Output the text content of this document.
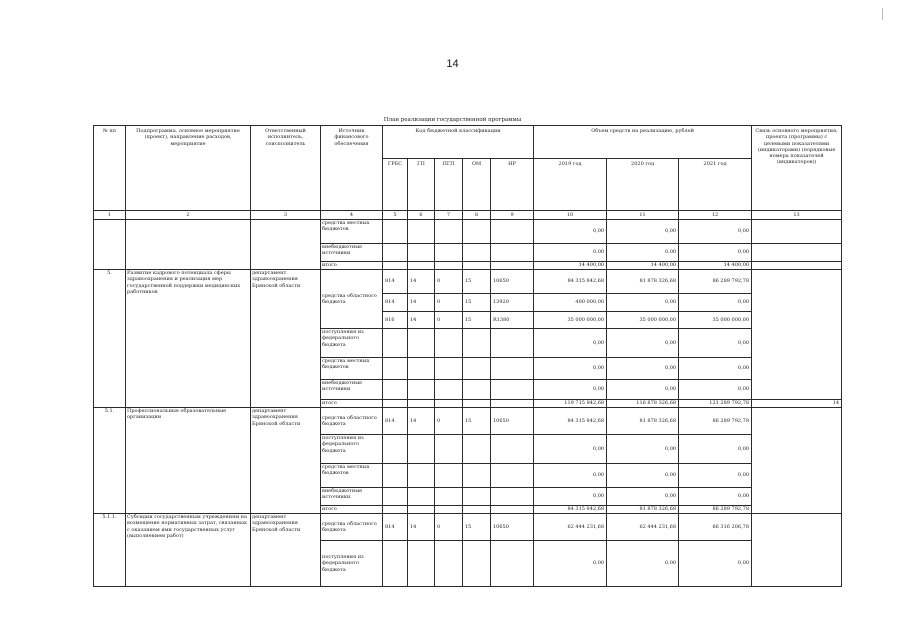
14
План реализации государственной программы
№ пп	Подпрограмма, основное мероприятие (проект), направление расходов, мероприятие	Ответственный исполнитель, соисполнитель	Источник финансового обеспечения	Код бюджетной классификации					Объем средств на реализацию, рублей			Связь основного мероприятия, проекта (программы) с целевыми показателями (индикаторами) (порядковые номера показателей (индикаторов))
				ГРБС	ГП	ПГП	ОМ	НР	2019 год	2020 год	2021 год	
1	2	3	4	5	6	7	8	9	10	11	12	13
			средства местных бюджетов						0,00	0,00	0,00	
			внебюджетные источники						0,00	0,00	0,00	
			итого						14 400,00	14 400,00	14 400,00	
5.	Развитие кадрового потенциала сферы здравоохранения и реализация мер государственной поддержки медицинских работников	департамент здравоохранения Брянской области	средства областного бюджета	814	14	0	15	10650	84 315 842,68	81 878 326,68	86 289 792,78	
				814	14	0	15	13920	400 000,00	0,00	0,00	
				816	14	0	15	R1380	35 000 000,00	35 000 000,00	35 000 000,00	
			поступления из федерального бюджета						0,00	0,00	0,00	
			средства местных бюджетов						0,00	0,00	0,00	
			внебюджетные источники						0,00	0,00	0,00	
			итого						119 715 842,68	116 878 326,68	121 289 792,78	14
5.1.	Профессиональные образовательные организации	департамент здравоохранения Брянской области	средства областного бюджета	814	14	0	15	10650	84 315 842,68	81 878 326,68	86 289 792,78	
			поступления из федерального бюджета						0,00	0,00	0,00	
			средства местных бюджетов						0,00	0,00	0,00	
			внебюджетные источники						0,00	0,00	0,00	
			итого						84 315 842,68	81 878 326,68	86 289 792,78	
5.1.1.	Субсидии государственным учреждениям на возмещение нормативных затрат, связанных с оказанием ими государственных услуг (выполнением работ)	департамент здравоохранения Брянской области	средства областного бюджета	814	14	0	15	10650	62 444 231,68	62 444 231,68	66 316 206,78	
			поступления из федерального бюджета						0,00	0,00	0,00	
